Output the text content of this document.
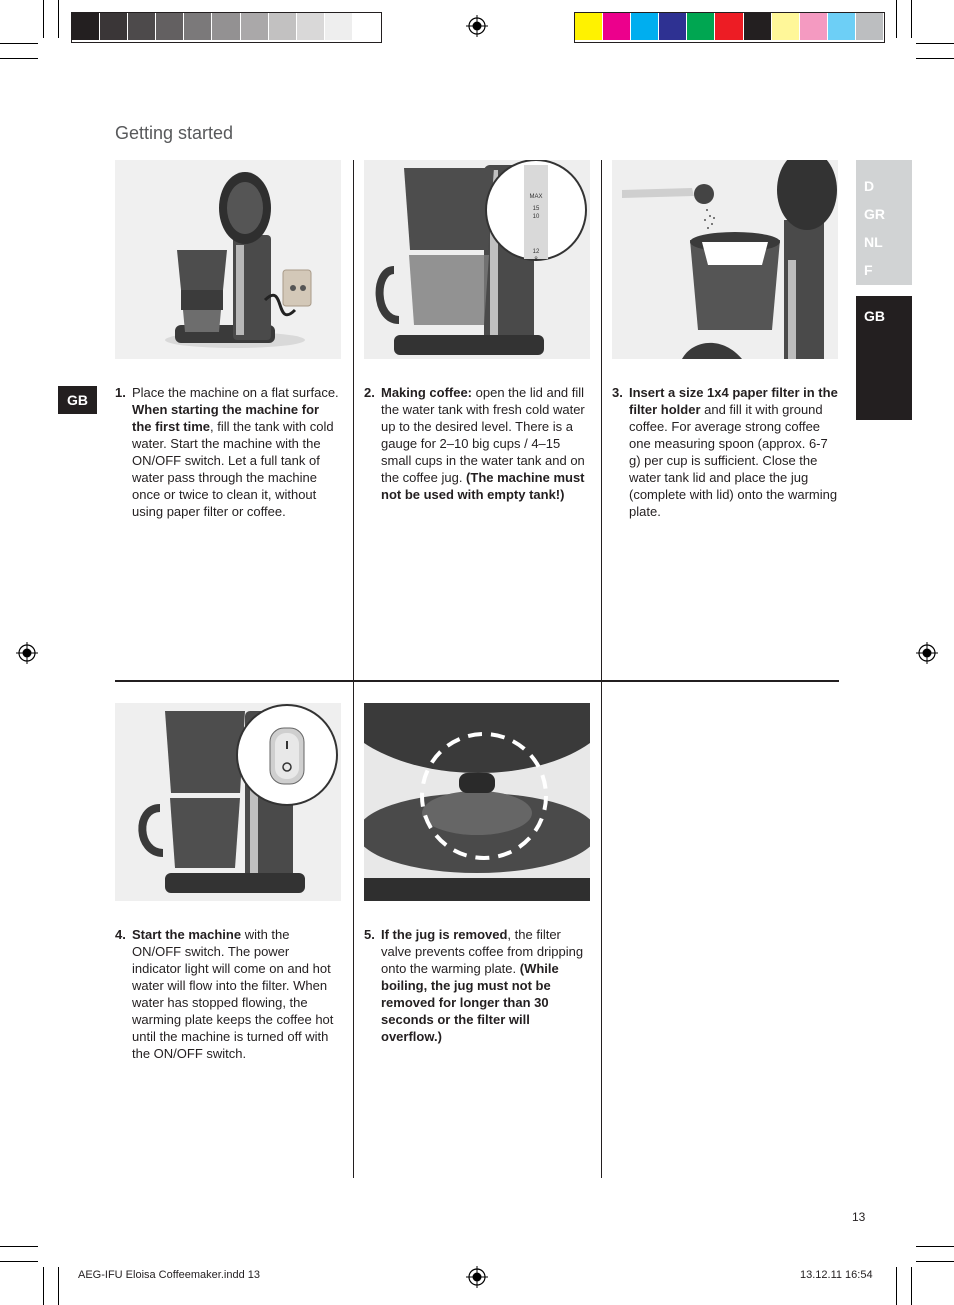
Getting started
D
GR
NL
F
GB
GB
MAX
15
10
12
8
1. Place the machine on a flat surface. When starting the machine for the first time, fill the tank with cold water. Start the machine with the ON/OFF switch. Let a full tank of water pass through the machine once or twice to clean it, without using paper filter or coffee.
2. Making coffee: open the lid and fill the water tank with fresh cold water up to the desired level. There is a gauge for 2–10 big cups / 4–15 small cups in the water tank and on the coffee jug. (The machine must not be used with empty tank!)
3. Insert a size 1x4 paper filter in the filter holder and fill it with ground coffee. For average strong coffee one measuring spoon (approx. 6-7 g) per cup is sufficient. Close the water tank lid and place the jug (complete with lid) onto the warming plate.
4. Start the machine with the ON/OFF switch. The power indicator light will come on and hot water will flow into the filter. When water has stopped flowing, the warming plate keeps the coffee hot until the machine is turned off with the ON/OFF switch.
5. If the jug is removed, the filter valve prevents coffee from dripping onto the warming plate. (While boiling, the jug must not be removed for longer than 30 seconds or the filter will overflow.)
13
AEG-IFU Eloisa Coffeemaker.indd 13	13.12.11 16:54
